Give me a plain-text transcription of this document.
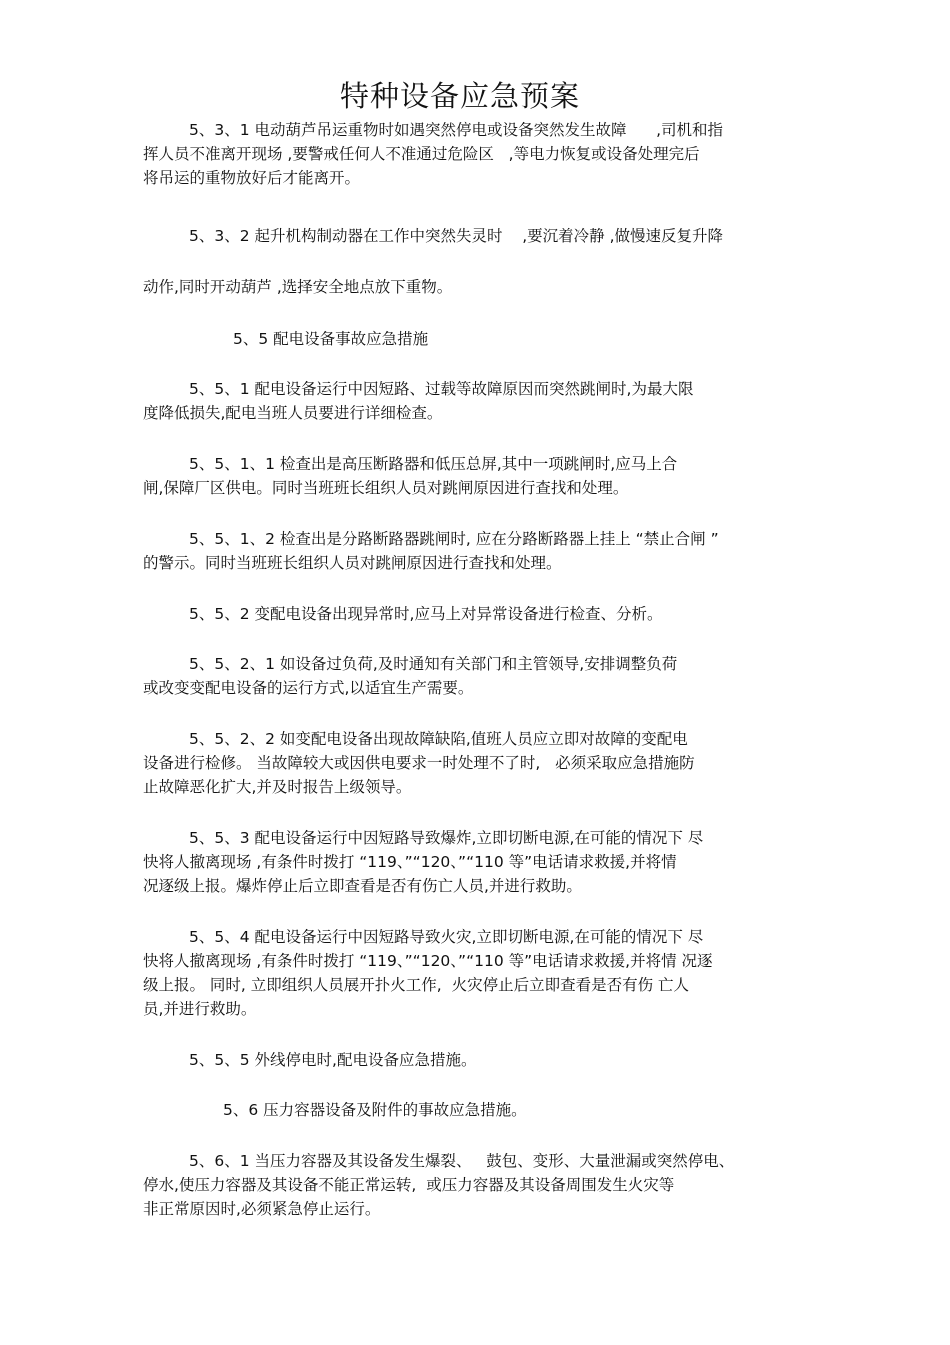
特种设备应急预案
5、3、1 电动葫芦吊运重物时如遇突然停电或设备突然发生故障      ,司机和指
挥人员不准离开现场 ,要警戒任何人不准通过危险区   ,等电力恢复或设备处理完后
将吊运的重物放好后才能离开。
5、3、2 起升机构制动器在工作中突然失灵时    ,要沉着冷静 ,做慢速反复升降
动作,同时开动葫芦 ,选择安全地点放下重物。
5、5 配电设备事故应急措施
5、5、1 配电设备运行中因短路、过载等故障原因而突然跳闸时,为最大限
度降低损失,配电当班人员要进行详细检查。
5、5、1、1 检查出是高压断路器和低压总屏,其中一项跳闸时,应马上合
闸,保障厂区供电。同时当班班长组织人员对跳闸原因进行查找和处理。
5、5、1、2 检查出是分路断路器跳闸时, 应在分路断路器上挂上 “禁止合闸 ”
的警示。同时当班班长组织人员对跳闸原因进行查找和处理。
5、5、2 变配电设备出现异常时,应马上对异常设备进行检查、分析。
5、5、2、1 如设备过负荷,及时通知有关部门和主管领导,安排调整负荷
或改变变配电设备的运行方式,以适宜生产需要。
5、5、2、2 如变配电设备出现故障缺陷,值班人员应立即对故障的变配电
设备进行检修。 当故障较大或因供电要求一时处理不了时,   必须采取应急措施防
止故障恶化扩大,并及时报告上级领导。
5、5、3 配电设备运行中因短路导致爆炸,立即切断电源,在可能的情况下 尽
快将人撤离现场 ,有条件时拨打 “119、”“120、”“110 等”电话请求救援,并将情
况逐级上报。爆炸停止后立即查看是否有伤亡人员,并进行救助。
5、5、4 配电设备运行中因短路导致火灾,立即切断电源,在可能的情况下 尽
快将人撤离现场 ,有条件时拨打 “119、”“120、”“110 等”电话请求救援,并将情 况逐
级上报。 同时, 立即组织人员展开扑火工作,  火灾停止后立即查看是否有伤 亡人
员,并进行救助。
5、5、5 外线停电时,配电设备应急措施。
5、6 压力容器设备及附件的事故应急措施。
5、6、1 当压力容器及其设备发生爆裂、   鼓包、变形、大量泄漏或突然停电、
停水,使压力容器及其设备不能正常运转,  或压力容器及其设备周围发生火灾等
非正常原因时,必须紧急停止运行。
